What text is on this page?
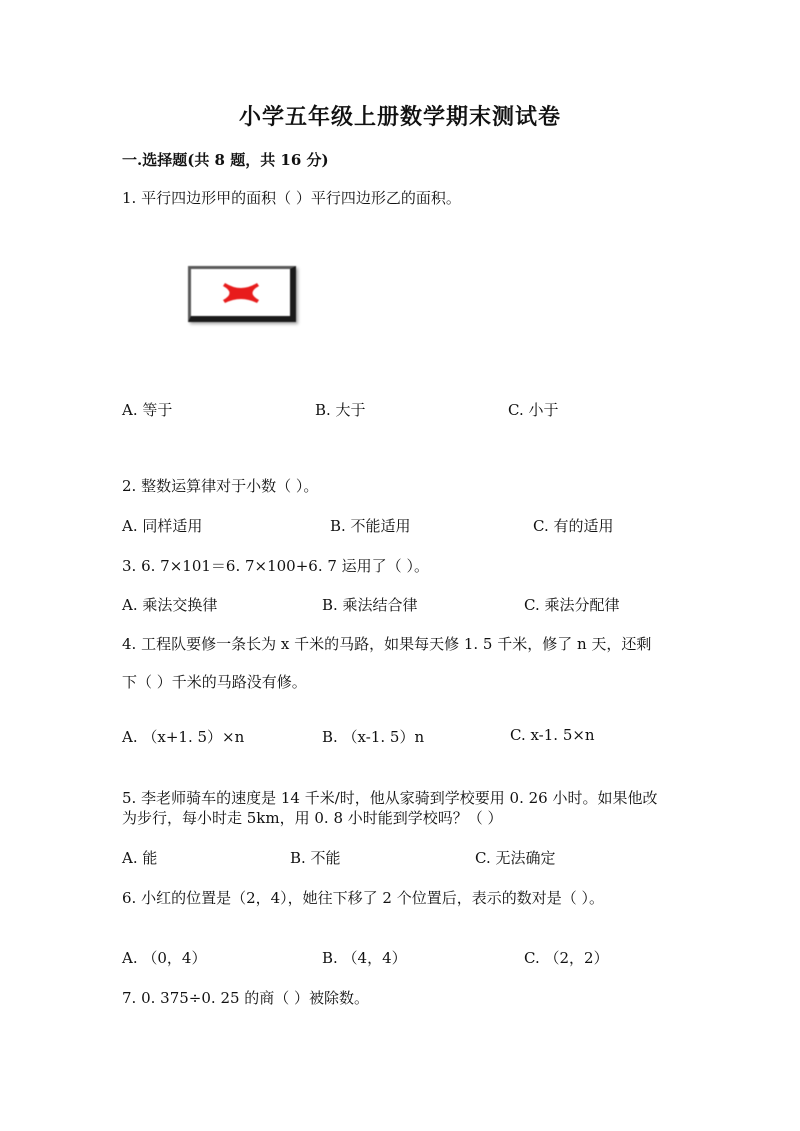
小学五年级上册数学期末测试卷
一.选择题(共 8 题，共 16 分)
1. 平行四边形甲的面积（ ）平行四边形乙的面积。
A. 等于	B. 大于	C. 小于
2. 整数运算律对于小数（ ）。
A. 同样适用	B. 不能适用	C. 有的适用
3. 6. 7×101＝6. 7×100+6. 7 运用了（ ）。
A. 乘法交换律	B. 乘法结合律	C. 乘法分配律
4. 工程队要修一条长为 x 千米的马路，如果每天修 1. 5 千米，修了 n 天，还剩
下（ ）千米的马路没有修。
A. （x+1. 5）×n	B. （x-1. 5）n	C. x-1. 5×n
5. 李老师骑车的速度是 14 千米/时，他从家骑到学校要用 0. 26 小时。如果他改
为步行，每小时走 5km，用 0. 8 小时能到学校吗？（ ）
A. 能	B. 不能	C. 无法确定
6. 小红的位置是（2，4），她往下移了 2 个位置后，表示的数对是（ ）。
A. （0，4）	B. （4，4）	C. （2，2）
7. 0. 375÷0. 25 的商（ ）被除数。
